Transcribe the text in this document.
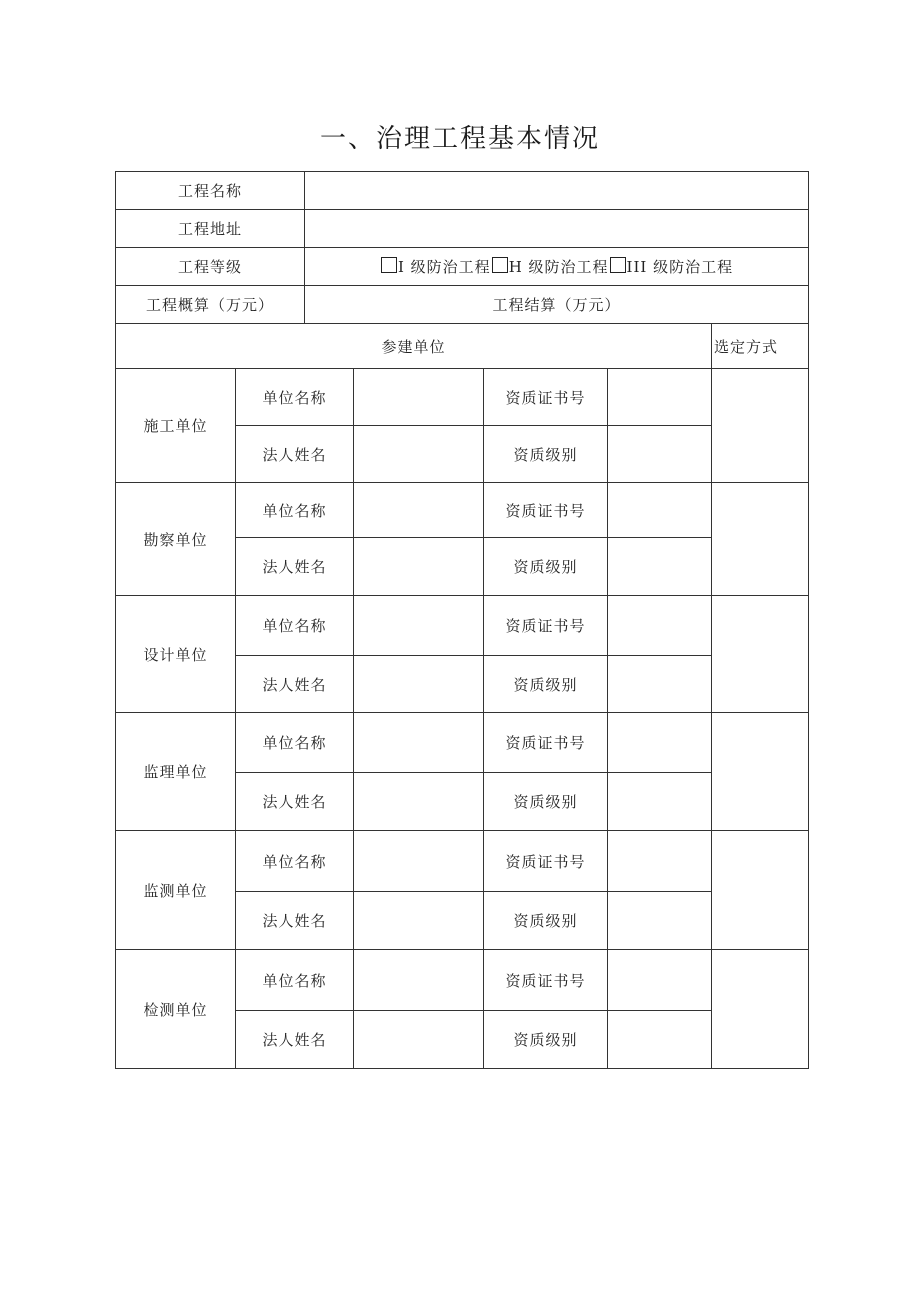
一、治理工程基本情况
工程名称						
工程地址						
工程等级		I 级防治工程 H 级防治工程 III 级防治工程				
工程概算（万元）		工程结算（万元）				
参建单位						选定方式
施工单位	单位名称			资质证书号		
	法人姓名			资质级别		
勘察单位	单位名称			资质证书号		
	法人姓名			资质级别		
设计单位	单位名称			资质证书号		
	法人姓名			资质级别		
监理单位	单位名称			资质证书号		
	法人姓名			资质级别		
监测单位	单位名称			资质证书号		
	法人姓名			资质级别		
检测单位	单位名称			资质证书号		
	法人姓名			资质级别		
